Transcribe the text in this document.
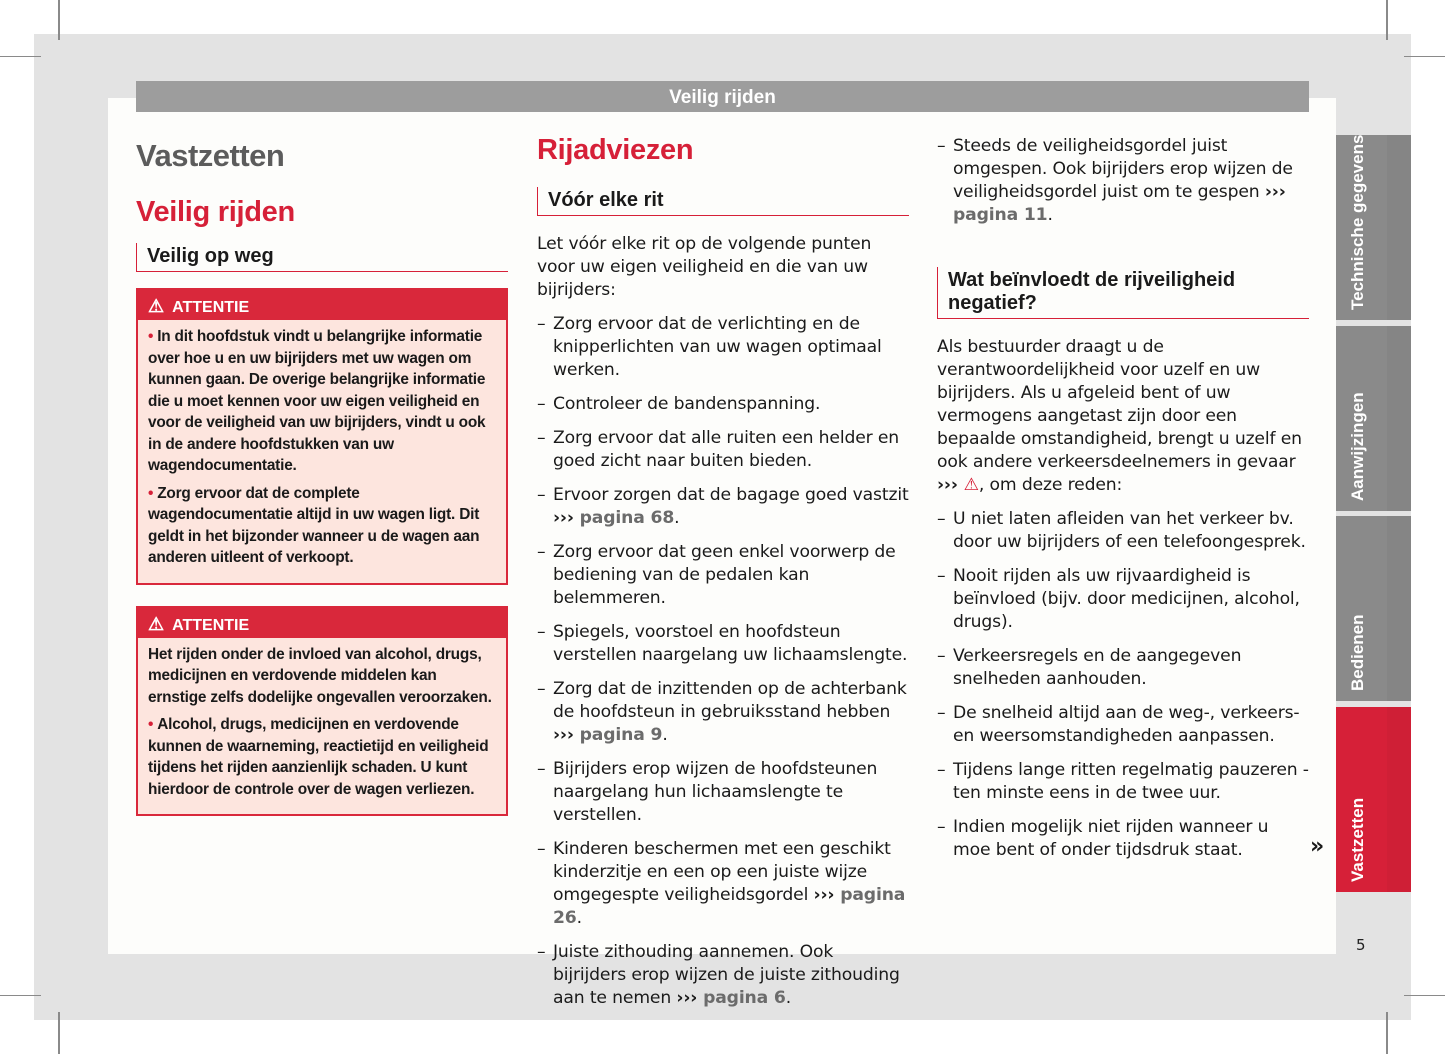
Veilig rijden
Vastzetten
Veilig rijden
Veilig op weg
⚠ ATTENTIE

• In dit hoofdstuk vindt u belangrijke informatie over hoe u en uw bijrijders met uw wagen om kunnen gaan. De overige belangrijke informatie die u moet kennen voor uw eigen veiligheid en voor de veiligheid van uw bijrijders, vindt u ook in de andere hoofdstukken van uw wagendocumentatie.

• Zorg ervoor dat de complete wagendocumentatie altijd in uw wagen ligt. Dit geldt in het bijzonder wanneer u de wagen aan anderen uitleent of verkoopt.

⚠ ATTENTIE

Het rijden onder de invloed van alcohol, drugs, medicijnen en verdovende middelen kan ernstige zelfs dodelijke ongevallen veroorzaken.

• Alcohol, drugs, medicijnen en verdovende kunnen de waarneming, reactietijd en veiligheid tijdens het rijden aanzienlijk schaden. U kunt hierdoor de controle over de wagen verliezen.

Rijadviezen
Vóór elke rit

Let vóór elke rit op de volgende punten voor uw eigen veiligheid en die van uw bijrijders:

– Zorg ervoor dat de verlichting en de knipperlichten van uw wagen optimaal werken.
– Controleer de bandenspanning.
– Zorg ervoor dat alle ruiten een helder en goed zicht naar buiten bieden.
– Ervoor zorgen dat de bagage goed vastzit ››› pagina 68.
– Zorg ervoor dat geen enkel voorwerp de bediening van de pedalen kan belemmeren.
– Spiegels, voorstoel en hoofdsteun verstellen naargelang uw lichaamslengte.
– Zorg dat de inzittenden op de achterbank de hoofdsteun in gebruiksstand hebben ››› pagina 9.
– Bijrijders erop wijzen de hoofdsteunen naargelang hun lichaamslengte te verstellen.
– Kinderen beschermen met een geschikt kinderzitje en een op een juiste wijze omgegespte veiligheidsgordel ››› pagina 26.
– Juiste zithouding aannemen. Ook bijrijders erop wijzen de juiste zithouding aan te nemen ››› pagina 6.
– Steeds de veiligheidsgordel juist omgespen. Ook bijrijders erop wijzen de veiligheidsgordel juist om te gespen ››› pagina 11.
Wat beïnvloedt de rijveiligheid negatief?

Als bestuurder draagt u de verantwoordelijkheid voor uzelf en uw bijrijders. Als u afgeleid bent of uw vermogens aangetast zijn door een bepaalde omstandigheid, brengt u uzelf en ook andere verkeersdeelnemers in gevaar ››› ⚠, om deze reden:

– U niet laten afleiden van het verkeer bv. door uw bijrijders of een telefoongesprek.
– Nooit rijden als uw rijvaardigheid is beïnvloed (bijv. door medicijnen, alcohol, drugs).
– Verkeersregels en de aangegeven snelheden aanhouden.
– De snelheid altijd aan de weg-, verkeers- en weersomstandigheden aanpassen.
– Tijdens lange ritten regelmatig pauzeren - ten minste eens in de twee uur.
– Indien mogelijk niet rijden wanneer u moe bent of onder tijdsdruk staat.	»
Technische gegevens
Aanwijzingen
Bedienen
Vastzetten
5
